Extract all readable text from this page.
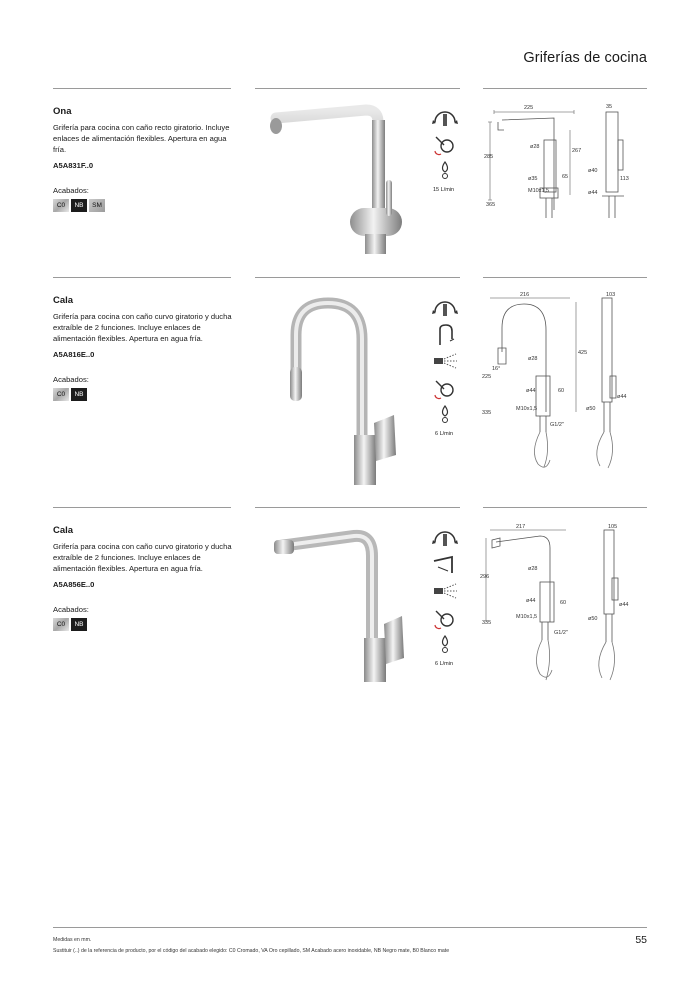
Griferías de cocina
Ona
Grifería para cocina con caño recto giratorio. Incluye enlaces de alimentación flexibles. Apertura en agua fría.
A5A831F..0
Acabados:
C0	NB	SM
15 L/min
225
285
ø28
267
ø35
365
M10x1,5
65
35
ø40
ø44
113
Cala
Grifería para cocina con caño curvo giratorio y ducha extraíble de 2 funciones. Incluye enlaces de alimentación flexibles. Apertura en agua fría.
A5A816E..0
Acabados:
C0	NB
6 L/min
216
425
ø28
225
ø44
335
M10x1,5
60
103
ø50
ø44
G1/2"
16°
Cala
Grifería para cocina con caño curvo giratorio y ducha extraíble de 2 funciones. Incluye enlaces de alimentación flexibles. Apertura en agua fría.
A5A856E..0
Acabados:
C0	NB
6 L/min
217
296
ø28
ø44
335
M10x1,5
60
105
ø50
ø44
G1/2"
Medidas en mm.
Sustituir (..) de la referencia de producto, por el código del acabado elegido: C0 Cromado, VA Oro cepillado, SM Acabado acero inoxidable, NB Negro mate, B0 Blanco mate
55
